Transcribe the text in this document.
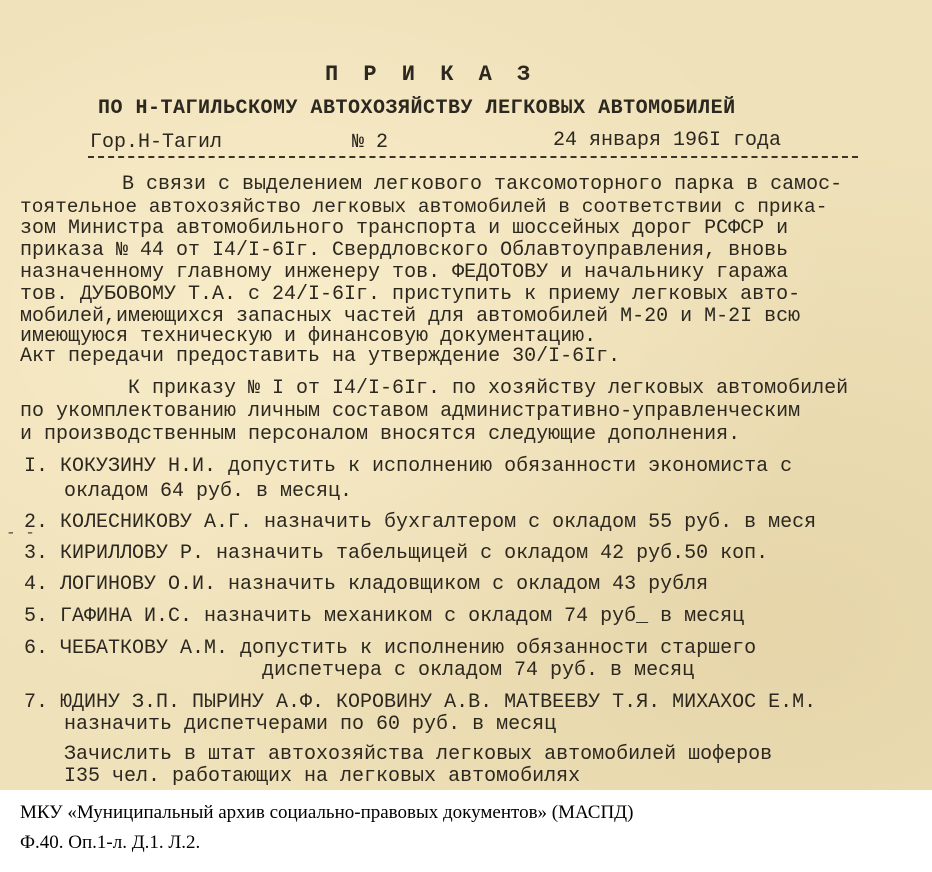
П Р И К А З
ПО Н-ТАГИЛЬСКОМУ АВТОХОЗЯЙСТВУ ЛЕГКОВЫХ АВТОМОБИЛЕЙ
Гор.Н-Тагил	№ 2	24 января 196I года
В связи с выделением легкового таксомоторного парка в самос-
тоятельное автохозяйство легковых автомобилей в соответствии с прика-
зом Министра автомобильного транспорта и шоссейных дорог РСФСР и
приказа № 44 от I4/I-6Iг. Свердловского Облавтоуправления, вновь
назначенному главному инженеру тов. ФЕДОТОВУ и начальнику гаража
тов. ДУБОВОМУ Т.А. с 24/I-6Iг. приступить к приему легковых авто-
мобилей,имеющихся запасных частей для автомобилей М-20 и М-2I всю
имеющуюся техническую и финансовую документацию.
Акт передачи предоставить на утверждение 30/I-6Iг.
К приказу № I от I4/I-6Iг. по хозяйству легковых автомобилей
по укомплектованию личным составом административно-управленческим
и производственным персоналом вносятся следующие дополнения.
I. КОКУЗИНУ Н.И. допустить к исполнению обязанности экономиста с
окладом 64 руб. в месяц.
- -
2. КОЛЕСНИКОВУ А.Г. назначить бухгалтером с окладом 55 руб. в меся
3. КИРИЛЛОВУ Р. назначить табельщицей с окладом 42 руб.50 коп.
4. ЛОГИНОВУ О.И. назначить кладовщиком с окладом 43 рубля
5. ГАФИНА И.С. назначить механиком с окладом 74 руб_ в месяц
6. ЧЕБАТКОВУ А.М. допустить к исполнению обязанности старшего
диспетчера с окладом 74 руб. в месяц
7. ЮДИНУ З.П. ПЫРИНУ А.Ф. КОРОВИНУ А.В. МАТВЕЕВУ Т.Я. МИХАХОС Е.М.
назначить диспетчерами по 60 руб. в месяц
Зачислить в штат автохозяйства легковых автомобилей шоферов
I35 чел. работающих на легковых автомобилях
МКУ «Муниципальный архив социально-правовых документов» (МАСПД)
Ф.40. Оп.1-л. Д.1. Л.2.
